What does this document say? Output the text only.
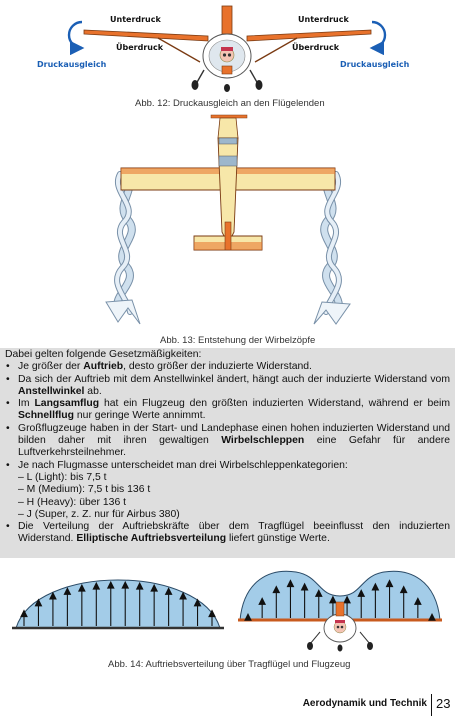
Unterdruck	Unterdruck
Überdruck	Überdruck
Druckausgleich	Druckausgleich
Abb. 12: Druckausgleich an den Flügelenden
Abb. 13: Entstehung der Wirbelzöpfe

Dabei gelten folgende Gesetzmäßigkeiten:

• Je größer der Auftrieb, desto größer der induzierte Widerstand.
• Da sich der Auftrieb mit dem Anstellwinkel ändert, hängt auch der induzierte Widerstand vom Anstellwinkel ab.
• Im Langsamflug hat ein Flugzeug den größten induzierten Widerstand, während er beim Schnellflug nur geringe Werte annimmt.
• Großflugzeuge haben in der Start- und Landephase einen hohen induzierten Widerstand und bilden daher mit ihren gewaltigen Wirbelschleppen eine Gefahr für andere Luftverkehrsteilnehmer.
• Je nach Flugmasse unterscheidet man drei Wirbelschleppenkategorien:
– L (Light): bis 7,5 t
– M (Medium): 7,5 t bis 136 t
– H (Heavy): über 136 t
– J (Super, z. Z. nur für Airbus 380)
• Die Verteilung der Auftriebskräfte über dem Tragflügel beeinflusst den induzierten Widerstand. Elliptische Auftriebsverteilung liefert günstige Werte.
Abb. 14: Auftriebsverteilung über Tragflügel und Flugzeug
Aerodynamik und Technik 23
